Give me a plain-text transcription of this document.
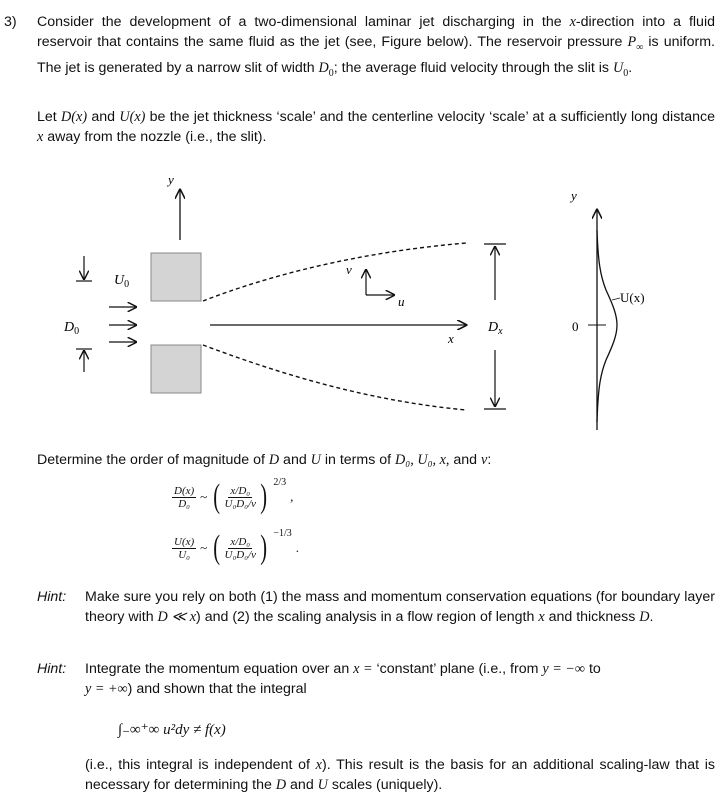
3) Consider the development of a two-dimensional laminar jet discharging in the x-direction into a fluid reservoir that contains the same fluid as the jet (see, Figure below). The reservoir pressure $P_\infty$ is uniform. The jet is generated by a narrow slit of width $D_0$; the average fluid velocity through the slit is $U_0$.
Let D(x) and U(x) be the jet thickness ‘scale’ and the centerline velocity ‘scale’ at a sufficiently long distance x away from the nozzle (i.e., the slit).
y
$D_0$
$U_0$
x
v
u
$D_x$
y
0
U(x)
Determine the order of magnitude of D and U in terms of D₀, U₀, x, and ν:
$\frac{D(x)}{\text{D₀}}$ ~ ( $\frac{\text{x/D₀}}{\text{U₀D₀/ν}}$ ) $^{2/3}$
,
$\frac{U(x)}{\text{U₀}}$ ~ ( $\frac{\text{x/D₀}}{\text{U₀D₀/ν}}$ ) $^{-1/3}$
.
Hint: Make sure you rely on both (1) the mass and momentum conservation equations (for boundary layer theory with D ≪ x) and (2) the scaling analysis in a flow region of length x and thickness D.
Hint: Integrate the momentum equation over an x = ‘constant’ plane (i.e., from y = −∞ to
y = +∞) and shown that the integral
∫₋∞⁺∞ u²dy ≠ f(x)
(i.e., this integral is independent of x). This result is the basis for an additional scaling-law that is necessary for determining the D and U scales (uniquely).
